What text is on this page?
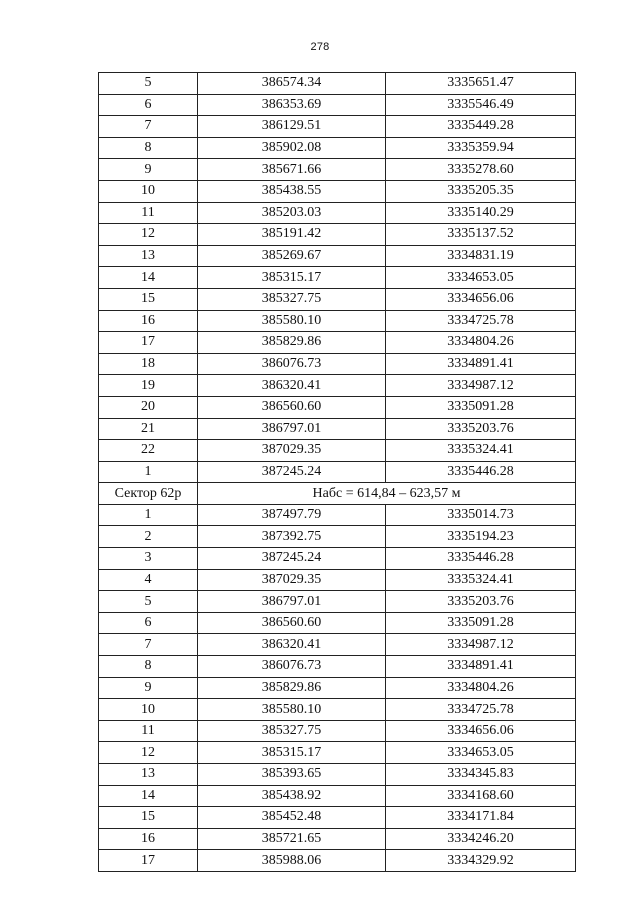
278
5	386574.34	3335651.47
6	386353.69	3335546.49
7	386129.51	3335449.28
8	385902.08	3335359.94
9	385671.66	3335278.60
10	385438.55	3335205.35
11	385203.03	3335140.29
12	385191.42	3335137.52
13	385269.67	3334831.19
14	385315.17	3334653.05
15	385327.75	3334656.06
16	385580.10	3334725.78
17	385829.86	3334804.26
18	386076.73	3334891.41
19	386320.41	3334987.12
20	386560.60	3335091.28
21	386797.01	3335203.76
22	387029.35	3335324.41
1	387245.24	3335446.28
Сектор 62р	Набс = 614,84 – 623,57 м	
1	387497.79	3335014.73
2	387392.75	3335194.23
3	387245.24	3335446.28
4	387029.35	3335324.41
5	386797.01	3335203.76
6	386560.60	3335091.28
7	386320.41	3334987.12
8	386076.73	3334891.41
9	385829.86	3334804.26
10	385580.10	3334725.78
11	385327.75	3334656.06
12	385315.17	3334653.05
13	385393.65	3334345.83
14	385438.92	3334168.60
15	385452.48	3334171.84
16	385721.65	3334246.20
17	385988.06	3334329.92
